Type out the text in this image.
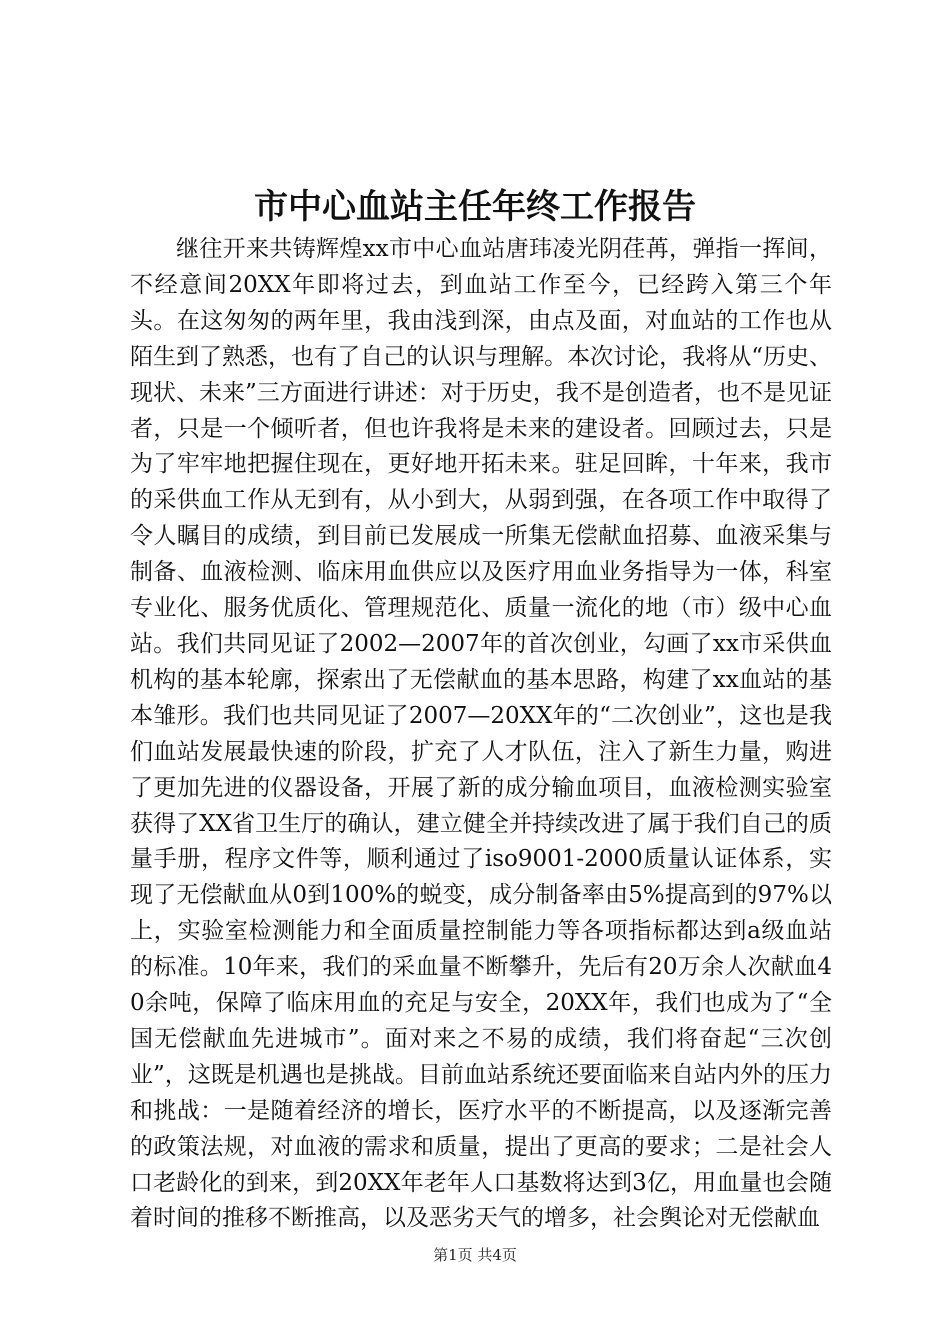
市中心血站主任年终工作报告

继往开来共铸辉煌xx市中心血站唐玮凌光阴荏苒，弹指一挥间，不经意间20XX年即将过去，到血站工作至今，已经跨入第三个年头。在这匆匆的两年里，我由浅到深，由点及面，对血站的工作也从陌生到了熟悉，也有了自己的认识与理解。本次讨论，我将从“历史、现状、未来”三方面进行讲述：对于历史，我不是创造者，也不是见证者，只是一个倾听者，但也许我将是未来的建设者。回顾过去，只是为了牢牢地把握住现在，更好地开拓未来。驻足回眸，十年来，我市的采供血工作从无到有，从小到大，从弱到强，在各项工作中取得了令人瞩目的成绩，到目前已发展成一所集无偿献血招募、血液采集与制备、血液检测、临床用血供应以及医疗用血业务指导为一体，科室专业化、服务优质化、管理规范化、质量一流化的地（市）级中心血站。我们共同见证了2002—2007年的首次创业，勾画了xx市采供血机构的基本轮廓，探索出了无偿献血的基本思路，构建了xx血站的基本雏形。我们也共同见证了2007—20XX年的“二次创业”，这也是我们血站发展最快速的阶段，扩充了人才队伍，注入了新生力量，购进了更加先进的仪器设备，开展了新的成分输血项目，血液检测实验室获得了XX省卫生厅的确认，建立健全并持续改进了属于我们自己的质量手册，程序文件等，顺利通过了iso9001-2000质量认证体系，实现了无偿献血从0到100%的蜕变，成分制备率由5%提高到的97%以上，实验室检测能力和全面质量控制能力等各项指标都达到a级血站的标准。10年来，我们的采血量不断攀升，先后有20万余人次献血40余吨，保障了临床用血的充足与安全，20XX年，我们也成为了“全国无偿献血先进城市”。面对来之不易的成绩，我们将奋起“三次创业”，这既是机遇也是挑战。目前血站系统还要面临来自站内外的压力和挑战：一是随着经济的增长，医疗水平的不断提高，以及逐渐完善的政策法规，对血液的需求和质量，提出了更高的要求；二是社会人口老龄化的到来，到20XX年老年人口基数将达到3亿，用血量也会随着时间的推移不断推高，以及恶劣天气的增多，社会舆论对无偿献血

第1页 共4页
